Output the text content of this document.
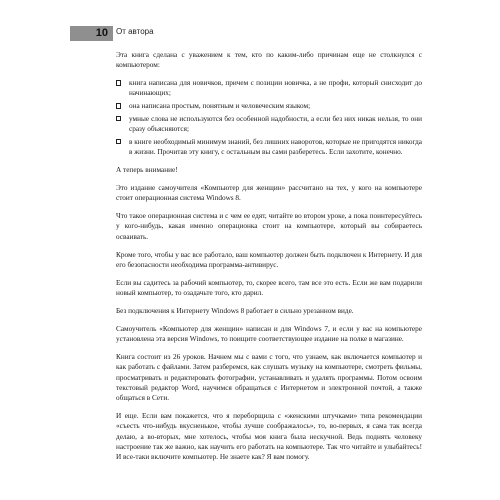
10 От автора

Эта книга сделана с уважением к тем, кто по каким-либо причинам еще не столкнулся с компьютером:

книга написана для новичков, причем с позиции новичка, а не профи, который снисходит до начинающих;
она написана простым, понятным и человеческим языком;
умные слова не используются без особенной надобности, а если без них никак нельзя, то они сразу объясняются;
в книге необходимый минимум знаний, без лишних наворотов, которые не пригодятся никогда в жизни. Прочитав эту книгу, с остальным вы сами разберетесь. Если захотите, конечно.

А теперь внимание!

Это издание самоучителя «Компьютер для женщин» рассчитано на тех, у кого на компьютере стоит операционная система Windows 8.

Что такое операционная система и с чем ее едят, читайте во втором уроке, а пока поинтересуйтесь у кого-нибудь, какая именно операционка стоит на компьютере, который вы собираетесь осваивать.

Кроме того, чтобы у вас все работало, ваш компьютер должен быть подключен к Интернету. И для его безопасности необходима программа-антивирус.

Если вы садитесь за рабочий компьютер, то, скорее всего, там все это есть. Если же вам подарили новый компьютер, то озадачьте того, кто дарил.

Без подключения к Интернету Windows 8 работает в сильно урезанном виде.

Самоучитель «Компьютер для женщин» написан и для Windows 7, и если у вас на компьютере установлена эта версия Windows, то поищите соответствующее издание на полке в магазине.

Книга состоит из 26 уроков. Начнем мы с вами с того, что узнаем, как включается компьютер и как работать с файлами. Затем разберемся, как слушать музыку на компьютере, смотреть фильмы, просматривать и редактировать фотографии, устанавливать и удалять программы. Потом освоим текстовый редактор Word, научимся обращаться с Интернетом и электронной почтой, а также общаться в Сети.

И еще. Если вам покажется, что я переборщила с «женскими штучками» типа рекомендации «съесть что-нибудь вкусненькое, чтобы лучше соображалось», то, во-первых, я сама так всегда делаю, а во-вторых, мне хотелось, чтобы моя книга была нескучной. Ведь поднять человеку настроение так же важно, как научить его работать на компьютере. Так что читайте и улыбайтесь! И все-таки включите компьютер. Не знаете как? Я вам помогу.
